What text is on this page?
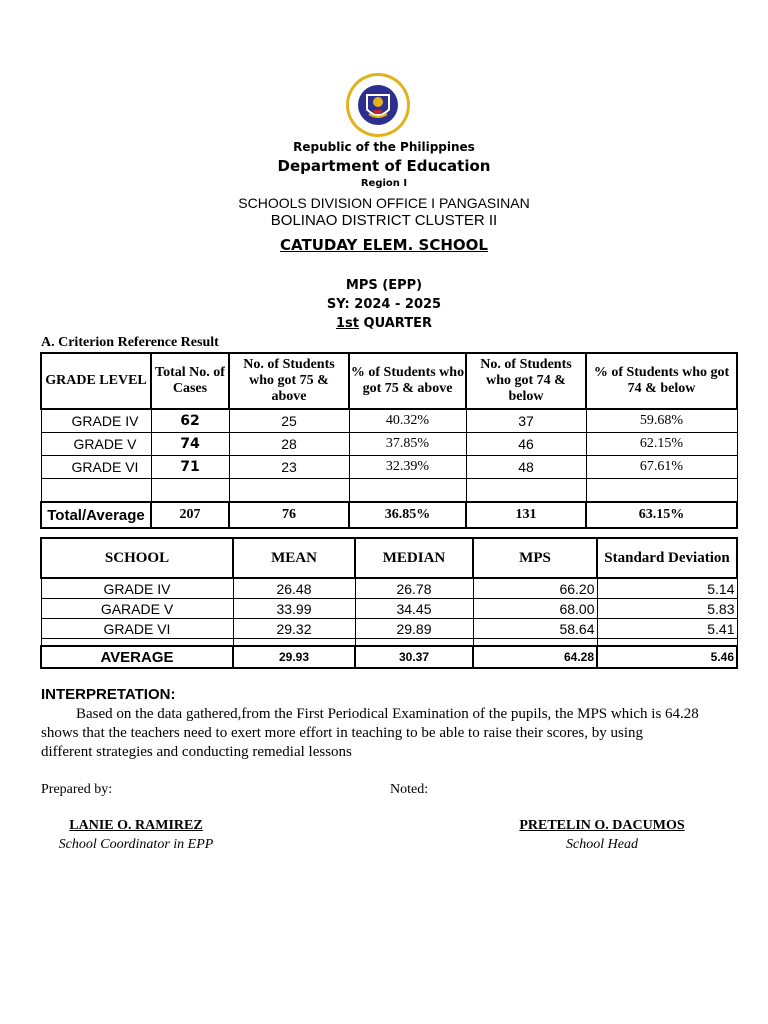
Republic of the Philippines
Department of Education
Region I
SCHOOLS DIVISION OFFICE I PANGASINAN
BOLINAO DISTRICT CLUSTER II
CATUDAY ELEM. SCHOOL
MPS (EPP)
SY: 2024 - 2025
1st QUARTER
A. Criterion Reference Result
GRADE LEVEL	Total No. of Cases	No. of Students who got 75 & above	% of Students who got 75 & above	No. of Students who got 74 & below	% of Students who got 74 & below
GRADE IV	62	25	40.32%	37	59.68%
GRADE V	74	28	37.85%	46	62.15%
GRADE VI	71	23	32.39%	48	67.61%

Total/Average	207	76	36.85%	131	63.15%
SCHOOL	MEAN	MEDIAN	MPS	Standard Deviation
GRADE IV	26.48	26.78	66.20	5.14
GARADE V	33.99	34.45	68.00	5.83
GRADE VI	29.32	29.89	58.64	5.41

AVERAGE	29.93	30.37	64.28	5.46
INTERPRETATION:
Based on the data gathered,from the First Periodical Examination of the pupils, the MPS which is 64.28
shows that the teachers need to exert more effort in teaching to be able to raise their scores, by using
different strategies and conducting remedial lessons
Prepared by:	Noted:
LANIE O. RAMIREZ
School Coordinator in EPP
PRETELIN O. DACUMOS
School Head
